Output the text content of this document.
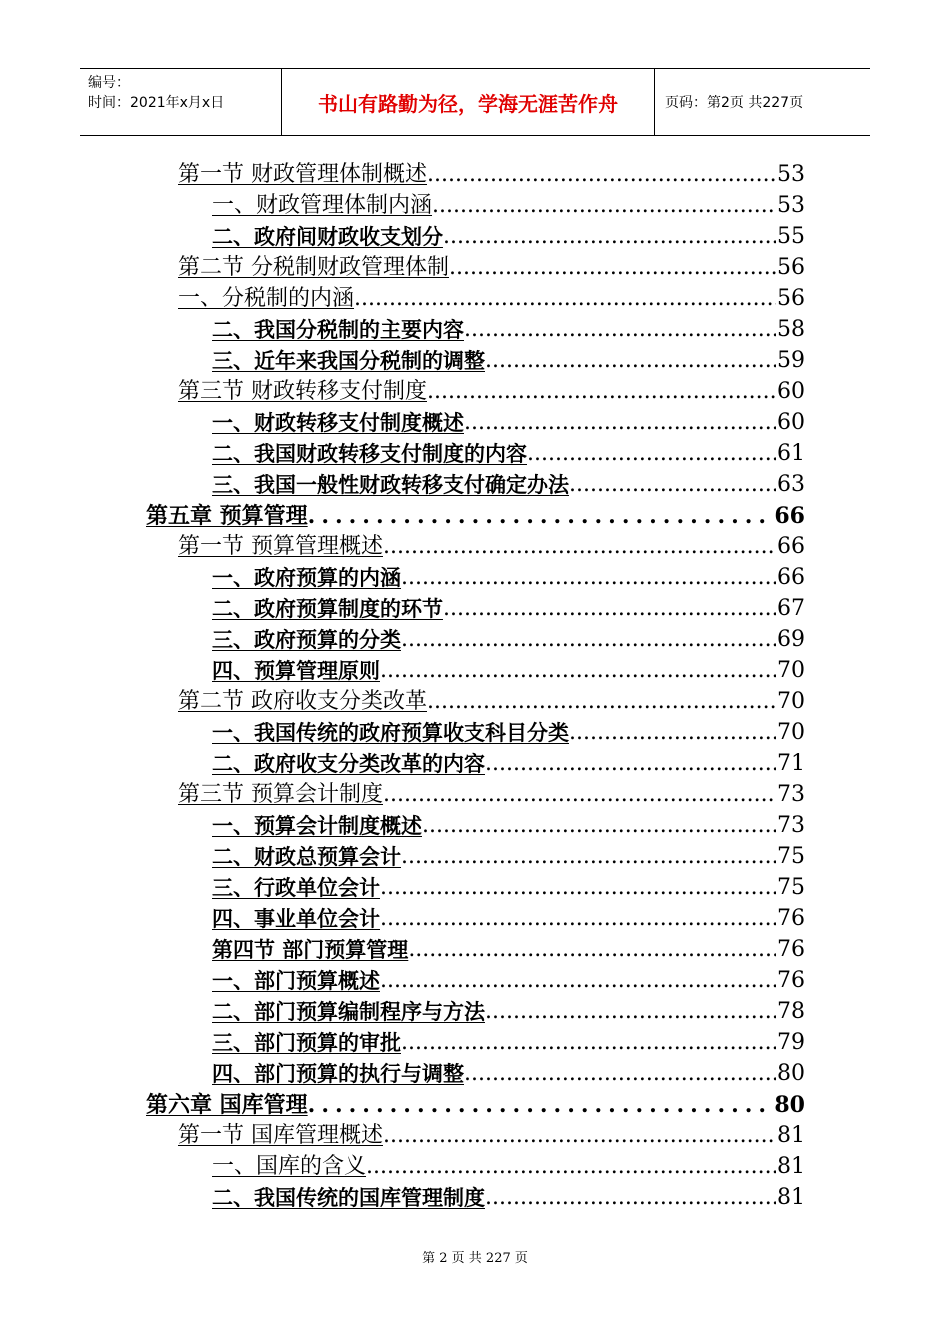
编号：
时间：2021年x月x日	书山有路勤为径，学海无涯苦作舟	页码：第2页 共227页
第一节 财政管理体制概述 .....	53
一、财政管理体制内涵 .....	53
二、政府间财政收支划分 .....	55
第二节 分税制财政管理体制 .....	56
一、分税制的内涵 .....	56
二、我国分税制的主要内容 .....	58
三、近年来我国分税制的调整 .....	59
第三节 财政转移支付制度 .....	60
一、财政转移支付制度概述 .....	60
二、我国财政转移支付制度的内容 .....	61
三、我国一般性财政转移支付确定办法 .....	63
第五章 预算管理 .....	66
第一节 预算管理概述 .....	66
一、政府预算的内涵 .....	66
二、政府预算制度的环节 .....	67
三、政府预算的分类 .....	69
四、预算管理原则 .....	70
第二节 政府收支分类改革 .....	70
一、我国传统的政府预算收支科目分类 .....	70
二、政府收支分类改革的内容 .....	71
第三节 预算会计制度 .....	73
一、预算会计制度概述 .....	73
二、财政总预算会计 .....	75
三、行政单位会计 .....	75
四、事业单位会计 .....	76
第四节 部门预算管理 .....	76
一、部门预算概述 .....	76
二、部门预算编制程序与方法 .....	78
三、部门预算的审批 .....	79
四、部门预算的执行与调整 .....	80
第六章 国库管理 .....	80
第一节 国库管理概述 .....	81
一、国库的含义 .....	81
二、我国传统的国库管理制度 .....	81
第 2 页 共 227 页
